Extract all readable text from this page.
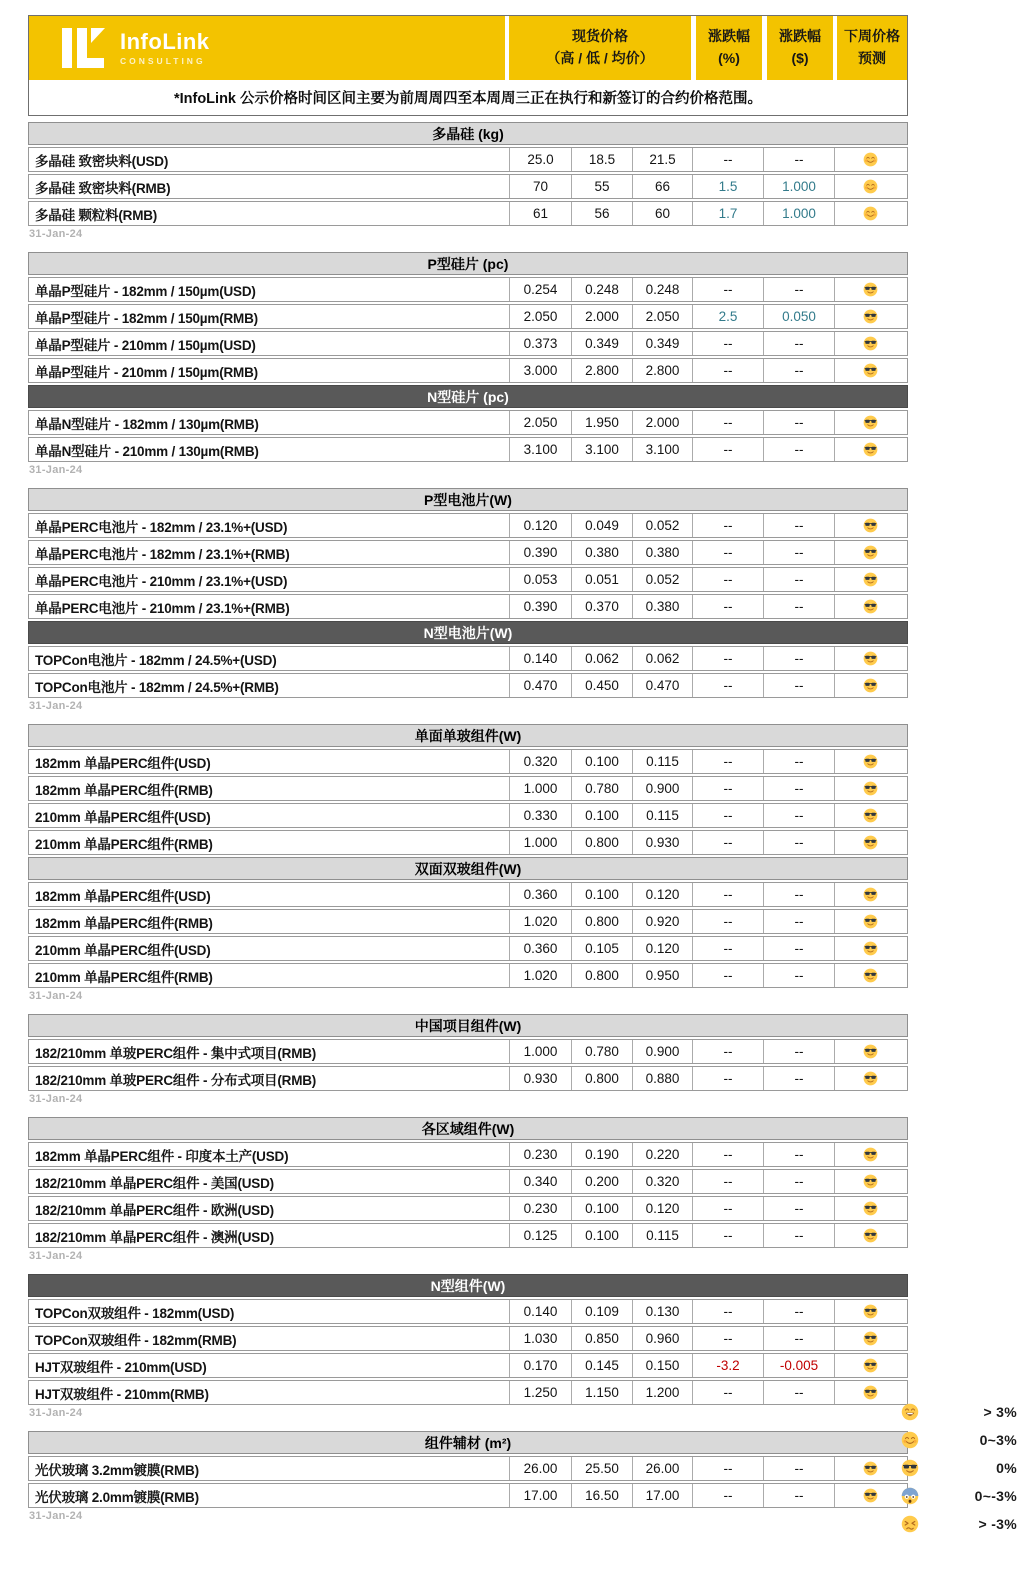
InfoLink
CONSULTING
现货价格
（高 / 低 / 均价）
涨跌幅
(%)
涨跌幅
($)
下周价格
预测
*InfoLink 公示价格时间区间主要为前周周四至本周周三正在执行和新签订的合约价格范围。
多晶硅 (kg)
多晶硅 致密块料(USD)	25.0	18.5	21.5	--	--
多晶硅 致密块料(RMB)	70	55	66	1.5	1.000
多晶硅 颗粒料(RMB)	61	56	60	1.7	1.000
31-Jan-24
P型硅片 (pc)
单晶P型硅片 - 182mm / 150µm(USD)	0.254	0.248	0.248	--	--
单晶P型硅片 - 182mm / 150µm(RMB)	2.050	2.000	2.050	2.5	0.050
单晶P型硅片 - 210mm / 150µm(USD)	0.373	0.349	0.349	--	--
单晶P型硅片 - 210mm / 150µm(RMB)	3.000	2.800	2.800	--	--
N型硅片 (pc)
单晶N型硅片 - 182mm / 130µm(RMB)	2.050	1.950	2.000	--	--
单晶N型硅片 - 210mm / 130µm(RMB)	3.100	3.100	3.100	--	--
31-Jan-24
P型电池片(W)
单晶PERC电池片 - 182mm / 23.1%+(USD)	0.120	0.049	0.052	--	--
单晶PERC电池片 - 182mm / 23.1%+(RMB)	0.390	0.380	0.380	--	--
单晶PERC电池片 - 210mm / 23.1%+(USD)	0.053	0.051	0.052	--	--
单晶PERC电池片 - 210mm / 23.1%+(RMB)	0.390	0.370	0.380	--	--
N型电池片(W)
TOPCon电池片 - 182mm / 24.5%+(USD)	0.140	0.062	0.062	--	--
TOPCon电池片 - 182mm / 24.5%+(RMB)	0.470	0.450	0.470	--	--
31-Jan-24
单面单玻组件(W)
182mm 单晶PERC组件(USD)	0.320	0.100	0.115	--	--
182mm 单晶PERC组件(RMB)	1.000	0.780	0.900	--	--
210mm 单晶PERC组件(USD)	0.330	0.100	0.115	--	--
210mm 单晶PERC组件(RMB)	1.000	0.800	0.930	--	--
双面双玻组件(W)
182mm 单晶PERC组件(USD)	0.360	0.100	0.120	--	--
182mm 单晶PERC组件(RMB)	1.020	0.800	0.920	--	--
210mm 单晶PERC组件(USD)	0.360	0.105	0.120	--	--
210mm 单晶PERC组件(RMB)	1.020	0.800	0.950	--	--
31-Jan-24
中国项目组件(W)
182/210mm 单玻PERC组件 - 集中式项目(RMB)	1.000	0.780	0.900	--	--
182/210mm 单玻PERC组件 - 分布式项目(RMB)	0.930	0.800	0.880	--	--
31-Jan-24
各区域组件(W)
182mm 单晶PERC组件 - 印度本土产(USD)	0.230	0.190	0.220	--	--
182/210mm 单晶PERC组件 - 美国(USD)	0.340	0.200	0.320	--	--
182/210mm 单晶PERC组件 - 欧洲(USD)	0.230	0.100	0.120	--	--
182/210mm 单晶PERC组件 - 澳洲(USD)	0.125	0.100	0.115	--	--
31-Jan-24
N型组件(W)
TOPCon双玻组件 - 182mm(USD)	0.140	0.109	0.130	--	--
TOPCon双玻组件 - 182mm(RMB)	1.030	0.850	0.960	--	--
HJT双玻组件 - 210mm(USD)	0.170	0.145	0.150	-3.2	-0.005
HJT双玻组件 - 210mm(RMB)	1.250	1.150	1.200	--	--
31-Jan-24
组件辅材 (m²)
光伏玻璃 3.2mm镀膜(RMB)	26.00	25.50	26.00	--	--
光伏玻璃 2.0mm镀膜(RMB)	17.00	16.50	17.00	--	--
31-Jan-24
> 3%
0~3%
0%
0~-3%
> -3%
